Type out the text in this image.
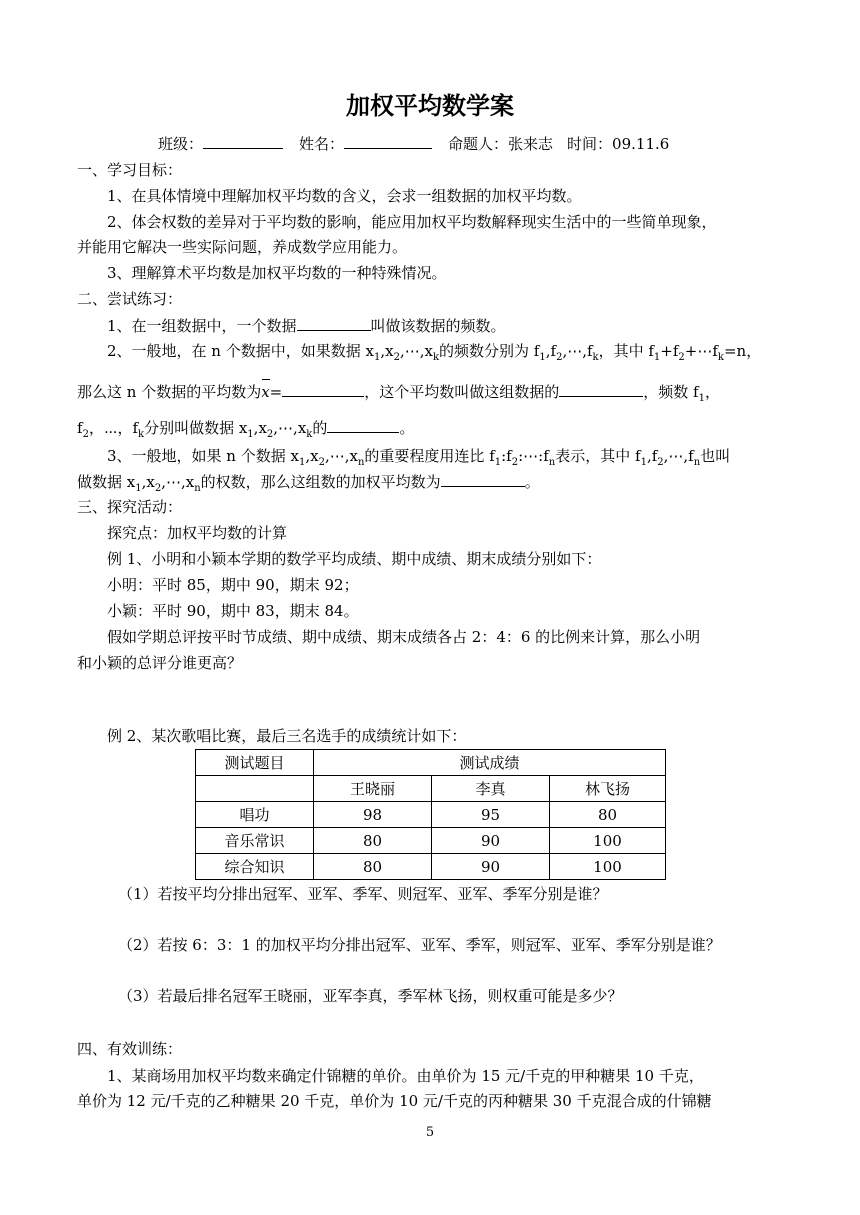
加权平均数学案
班级：	姓名：	命题人：张来志 时间：09.11.6
一、学习目标：
1、在具体情境中理解加权平均数的含义，会求一组数据的加权平均数。
2、体会权数的差异对于平均数的影响，能应用加权平均数解释现实生活中的一些简单现象，
并能用它解决一些实际问题，养成数学应用能力。
3、理解算术平均数是加权平均数的一种特殊情况。
二、尝试练习：
1、在一组数据中，一个数据	叫做该数据的频数。
2、一般地，在 n 个数据中，如果数据 $x_1,x_2,\cdots,x_k$的频数分别为 $f_1,f_2,\cdots,f_k$，其中 $f_1+f_2+\cdots f_k=n$，
那么这 n 个数据的平均数为x=	，这个平均数叫做这组数据的	，频数 $f_1$，
$f_2$，⋯，$f_k$分别叫做数据 $x_1,x_2,\cdots,x_k$的	。
3、一般地，如果 n 个数据 $x_1,x_2,\cdots,x_n$的重要程度用连比 $f_1:f_2:\cdots:f_n$表示，其中 $f_1,f_2,\cdots,f_n$也叫
做数据 $x_1,x_2,\cdots,x_n$的权数，那么这组数的加权平均数为	。
三、探究活动：
探究点：加权平均数的计算
例 1、小明和小颖本学期的数学平均成绩、期中成绩、期末成绩分别如下：
小明：平时 85，期中 90，期末 92；
小颖：平时 90，期中 83，期末 84。
假如学期总评按平时节成绩、期中成绩、期末成绩各占 2：4：6 的比例来计算，那么小明
和小颖的总评分谁更高？
例 2、某次歌唱比赛，最后三名选手的成绩统计如下：
测试题目	测试成绩		
	王晓丽	李真	林飞扬
唱功	98	95	80
音乐常识	80	90	100
综合知识	80	90	100
（1）若按平均分排出冠军、亚军、季军、则冠军、亚军、季军分别是谁？
（2）若按 6：3：1 的加权平均分排出冠军、亚军、季军，则冠军、亚军、季军分别是谁？
（3）若最后排名冠军王晓丽，亚军李真，季军林飞扬，则权重可能是多少？
四、有效训练：
1、某商场用加权平均数来确定什锦糖的单价。由单价为 15 元/千克的甲种糖果 10 千克，
单价为 12 元/千克的乙种糖果 20 千克，单价为 10 元/千克的丙种糖果 30 千克混合成的什锦糖
5
